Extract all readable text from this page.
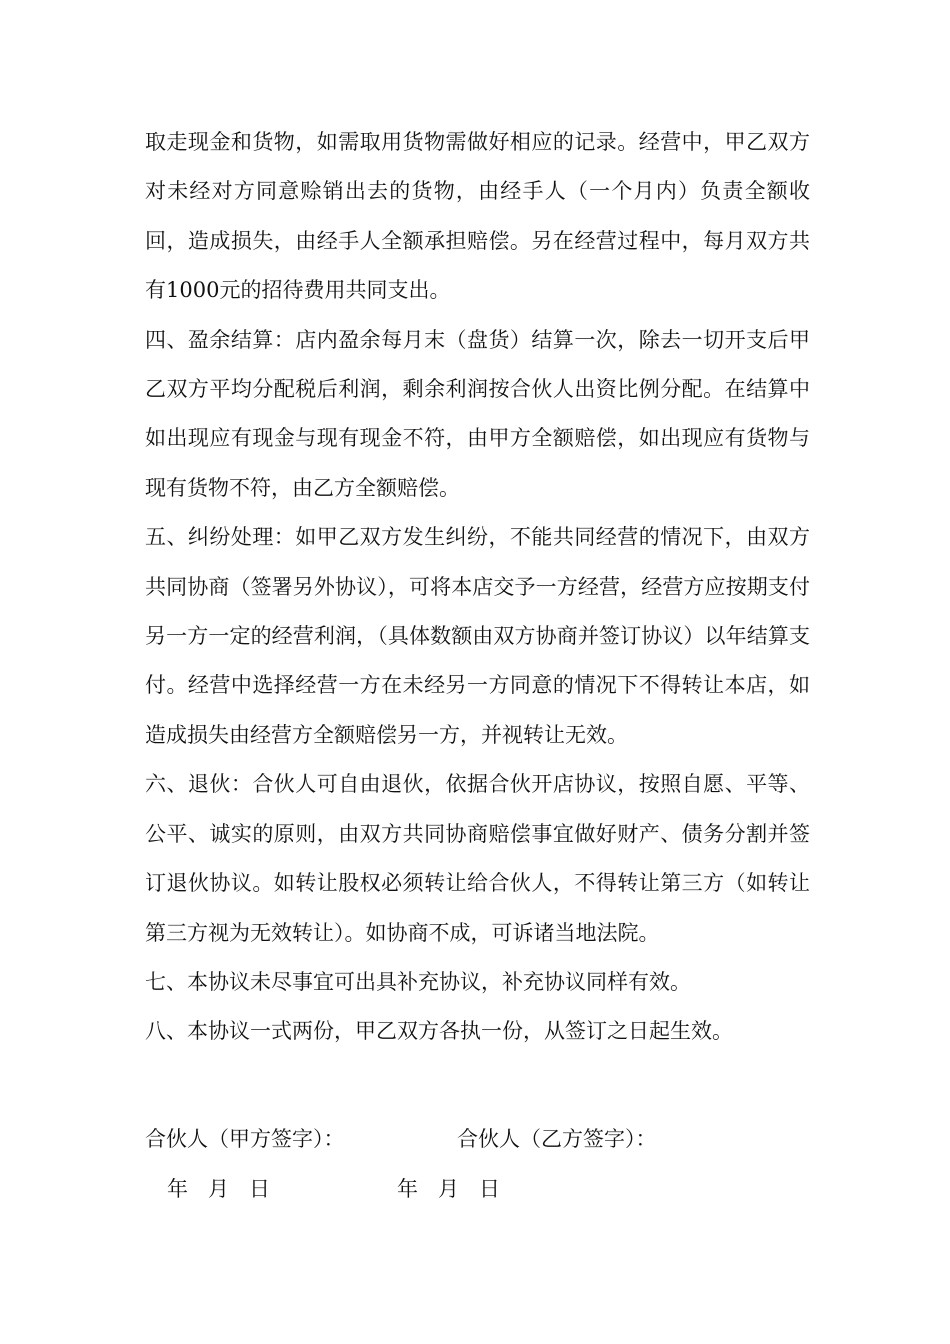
取走现金和货物，如需取用货物需做好相应的记录。经营中，甲乙双方对未经对方同意赊销出去的货物，由经手人（一个月内）负责全额收回，造成损失，由经手人全额承担赔偿。另在经营过程中，每月双方共有1000元的招待费用共同支出。

四、盈余结算：店内盈余每月末（盘货）结算一次，除去一切开支后甲乙双方平均分配税后利润，剩余利润按合伙人出资比例分配。在结算中如出现应有现金与现有现金不符，由甲方全额赔偿，如出现应有货物与现有货物不符，由乙方全额赔偿。

五、纠纷处理：如甲乙双方发生纠纷，不能共同经营的情况下，由双方共同协商（签署另外协议），可将本店交予一方经营，经营方应按期支付另一方一定的经营利润，（具体数额由双方协商并签订协议）以年结算支付。经营中选择经营一方在未经另一方同意的情况下不得转让本店，如造成损失由经营方全额赔偿另一方，并视转让无效。

六、退伙：合伙人可自由退伙，依据合伙开店协议，按照自愿、平等、公平、诚实的原则，由双方共同协商赔偿事宜做好财产、债务分割并签订退伙协议。如转让股权必须转让给合伙人，不得转让第三方（如转让第三方视为无效转让）。如协商不成，可诉诸当地法院。

七、本协议未尽事宜可出具补充协议，补充协议同样有效。

八、本协议一式两份，甲乙双方各执一份，从签订之日起生效。

合伙人（甲方签字）：	合伙人（乙方签字）：
年   月   日	年   月   日
